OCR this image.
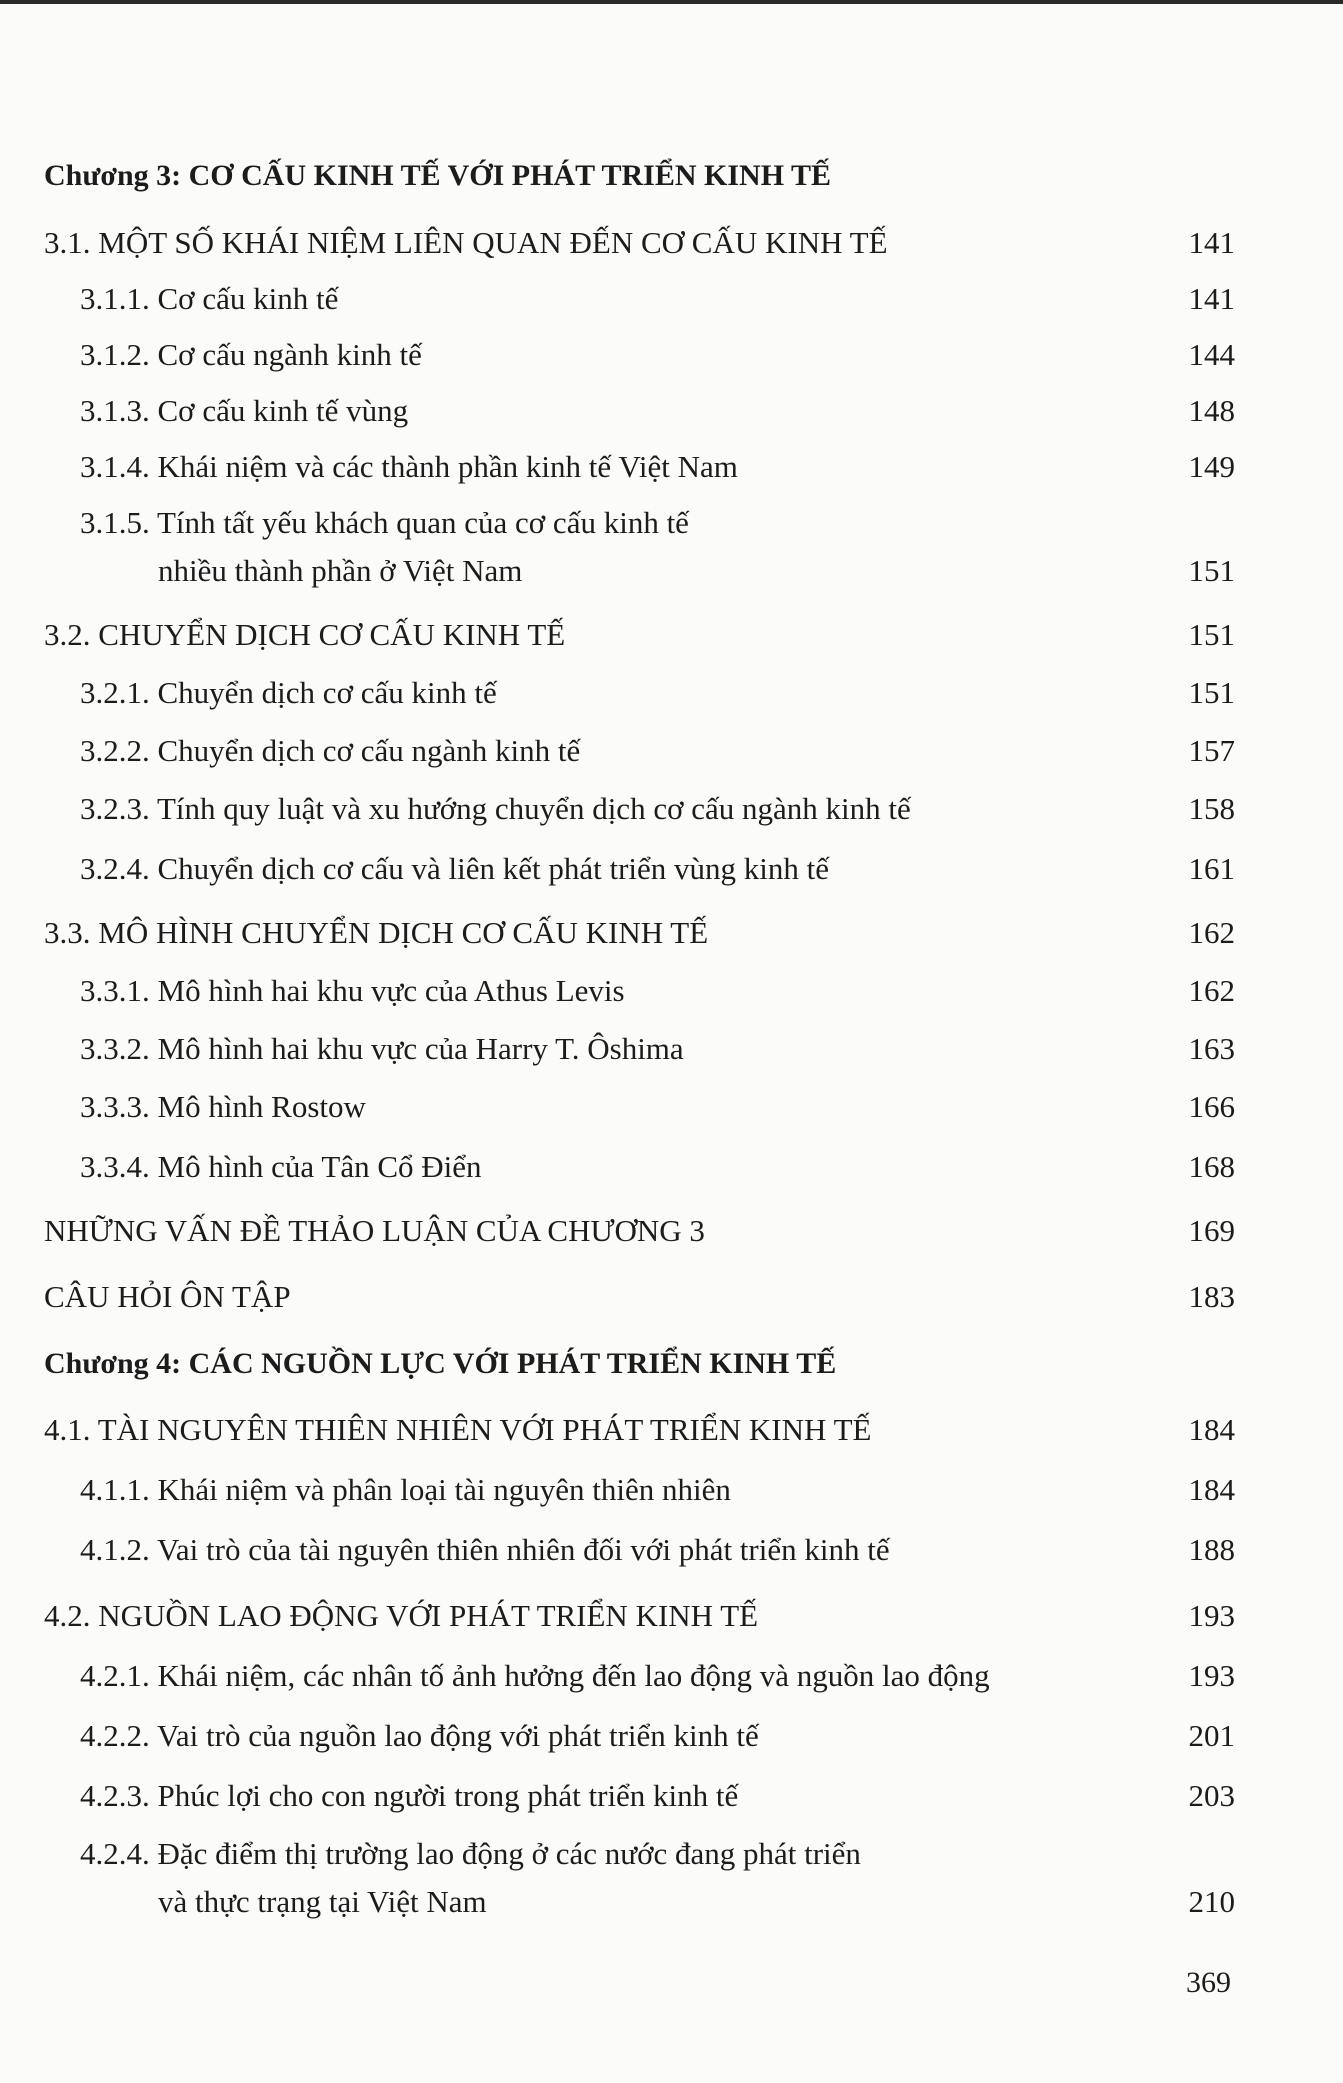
Chương 3: CƠ CẤU KINH TẾ VỚI PHÁT TRIỂN KINH TẾ
3.1. MỘT SỐ KHÁI NIỆM LIÊN QUAN ĐẾN CƠ CẤU KINH TẾ	141
3.1.1. Cơ cấu kinh tế	141
3.1.2. Cơ cấu ngành kinh tế	144
3.1.3. Cơ cấu kinh tế vùng	148
3.1.4. Khái niệm và các thành phần kinh tế Việt Nam	149
3.1.5. Tính tất yếu khách quan của cơ cấu kinh tế
nhiều thành phần ở Việt Nam	151
3.2. CHUYỂN DỊCH CƠ CẤU KINH TẾ	151
3.2.1. Chuyển dịch cơ cấu kinh tế	151
3.2.2. Chuyển dịch cơ cấu ngành kinh tế	157
3.2.3. Tính quy luật và xu hướng chuyển dịch cơ cấu ngành kinh tế	158
3.2.4. Chuyển dịch cơ cấu và liên kết phát triển vùng kinh tế	161
3.3. MÔ HÌNH CHUYỂN DỊCH CƠ CẤU KINH TẾ	162
3.3.1. Mô hình hai khu vực của Athus Levis	162
3.3.2. Mô hình hai khu vực của Harry T. Ôshima	163
3.3.3. Mô hình Rostow	166
3.3.4. Mô hình của Tân Cổ Điển	168
NHỮNG VẤN ĐỀ THẢO LUẬN CỦA CHƯƠNG 3	169
CÂU HỎI ÔN TẬP	183
Chương 4: CÁC NGUỒN LỰC VỚI PHÁT TRIỂN KINH TẾ
4.1. TÀI NGUYÊN THIÊN NHIÊN VỚI PHÁT TRIỂN KINH TẾ	184
4.1.1. Khái niệm và phân loại tài nguyên thiên nhiên	184
4.1.2. Vai trò của tài nguyên thiên nhiên đối với phát triển kinh tế	188
4.2. NGUỒN LAO ĐỘNG VỚI PHÁT TRIỂN KINH TẾ	193
4.2.1. Khái niệm, các nhân tố ảnh hưởng đến lao động và nguồn lao động	193
4.2.2. Vai trò của nguồn lao động với phát triển kinh tế	201
4.2.3. Phúc lợi cho con người trong phát triển kinh tế	203
4.2.4. Đặc điểm thị trường lao động ở các nước đang phát triển
và thực trạng tại Việt Nam	210
369
